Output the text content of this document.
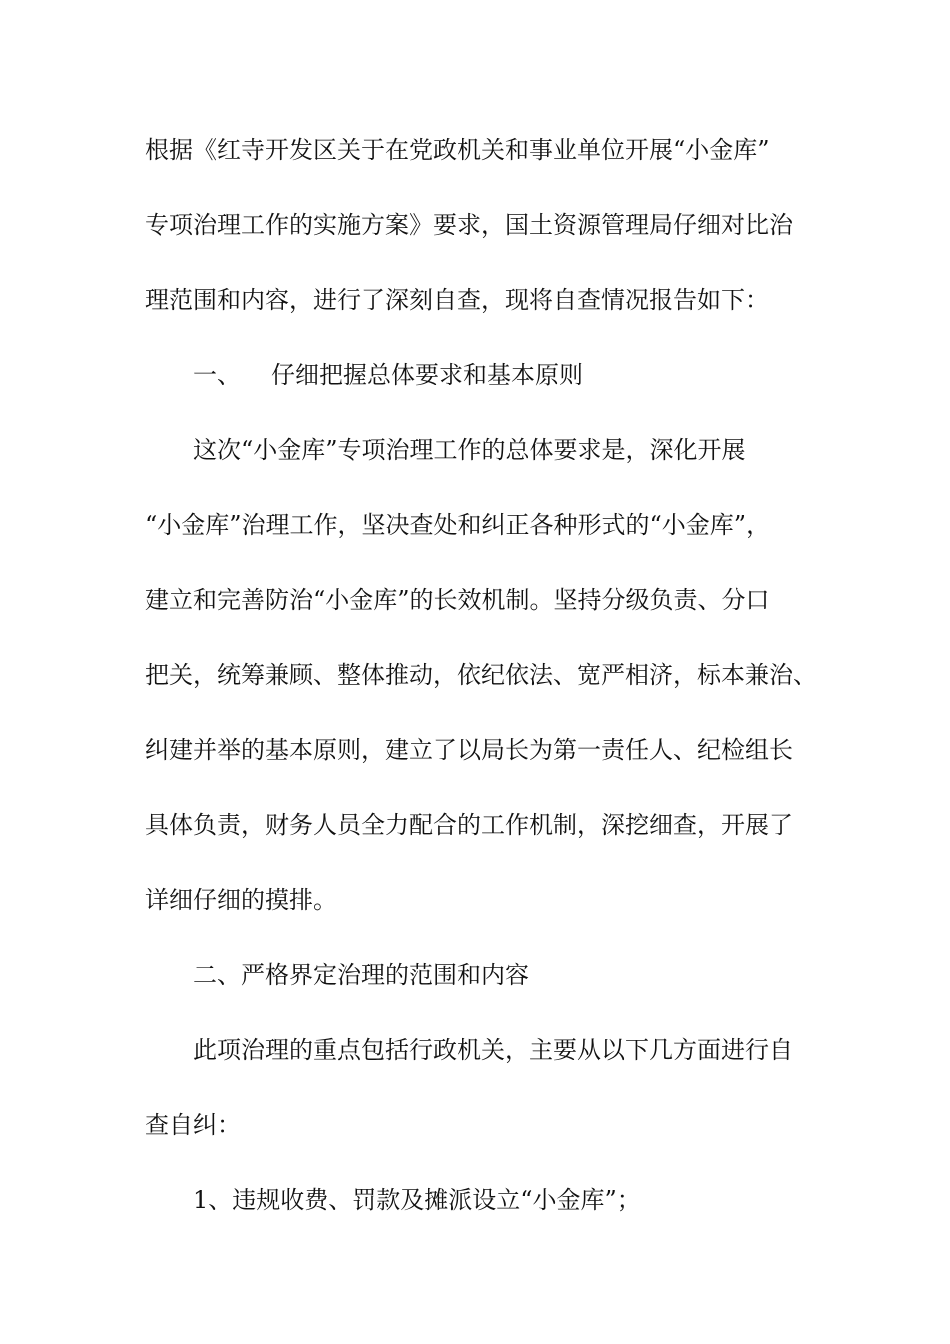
根据《红寺开发区关于在党政机关和事业单位开展“小金库”

专项治理工作的实施方案》要求，国土资源管理局仔细对比治

理范围和内容，进行了深刻自查，现将自查情况报告如下：

一、 仔细把握总体要求和基本原则

这次“小金库”专项治理工作的总体要求是，深化开展

“小金库”治理工作，坚决查处和纠正各种形式的“小金库”，

建立和完善防治“小金库”的长效机制。坚持分级负责、分口

把关，统筹兼顾、整体推动，依纪依法、宽严相济，标本兼治、

纠建并举的基本原则，建立了以局长为第一责任人、纪检组长

具体负责，财务人员全力配合的工作机制，深挖细查，开展了

详细仔细的摸排。

二、严格界定治理的范围和内容

此项治理的重点包括行政机关，主要从以下几方面进行自

查自纠：

1、违规收费、罚款及摊派设立“小金库”；
